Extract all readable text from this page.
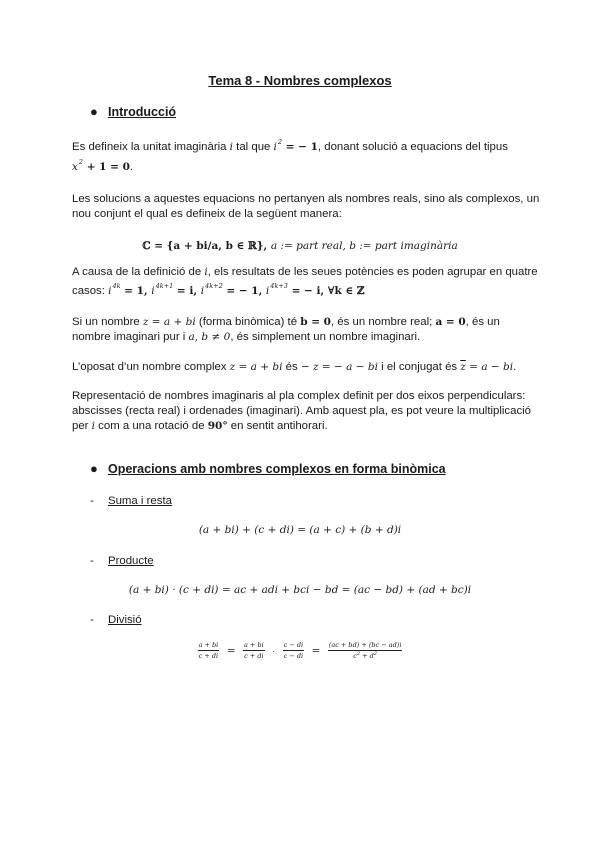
Tema 8 - Nombres complexos
● Introducció
Es defineix la unitat imaginària i tal que $i^2$ = − 1, donant solució a equacions del tipus
$x^2 + 1 = 0$.
Les solucions a aquestes equacions no pertanyen als nombres reals, sino als complexos, un
nou conjunt el qual es defineix de la següent manera:
ℂ = {a + bi/a, b ∈ ℝ}, a := part real, b := part imaginària
A causa de la definició de i, els resultats de les seues potències es poden agrupar en quatre
casos: $i^{4k} = 1$, $i^{4k+1} = i$, $i^{4k+2}$ = − 1, $i^{4k+3}$ = − i, ∀k ∈ ℤ
Si un nombre z = a + bi (forma binòmica) té b = 0, és un nombre real; a = 0, és un
nombre imaginari pur i a, b ≠ 0, és simplement un nombre imaginari.
L’oposat d’un nombre complex z = a + bi és − z = − a − bi i el conjugat és $\overline{z} = a$ − bi.
Representació de nombres imaginaris al pla complex definit per dos eixos perpendiculars:
abscisses (recta real) i ordenades (imaginari). Amb aquest pla, es pot veure la multiplicació
per i com a una rotació de 90° en sentit antihorari.
● Operacions amb nombres complexos en forma binòmica
- Suma i resta
(a + bi) + (c + di) = (a + c) + (b + d)i
- Producte
(a + bi) · (c + di) = ac + adi + bci − bd = (ac − bd) + (ad + bc)i
- Divisió
$\frac{a + bi}{c + di} = \frac{a + bi}{c + di} \cdot \frac{c - di}{c - di} = \frac{(ac + bd) + (bc - ad)i}{c^2 + d^2}$
